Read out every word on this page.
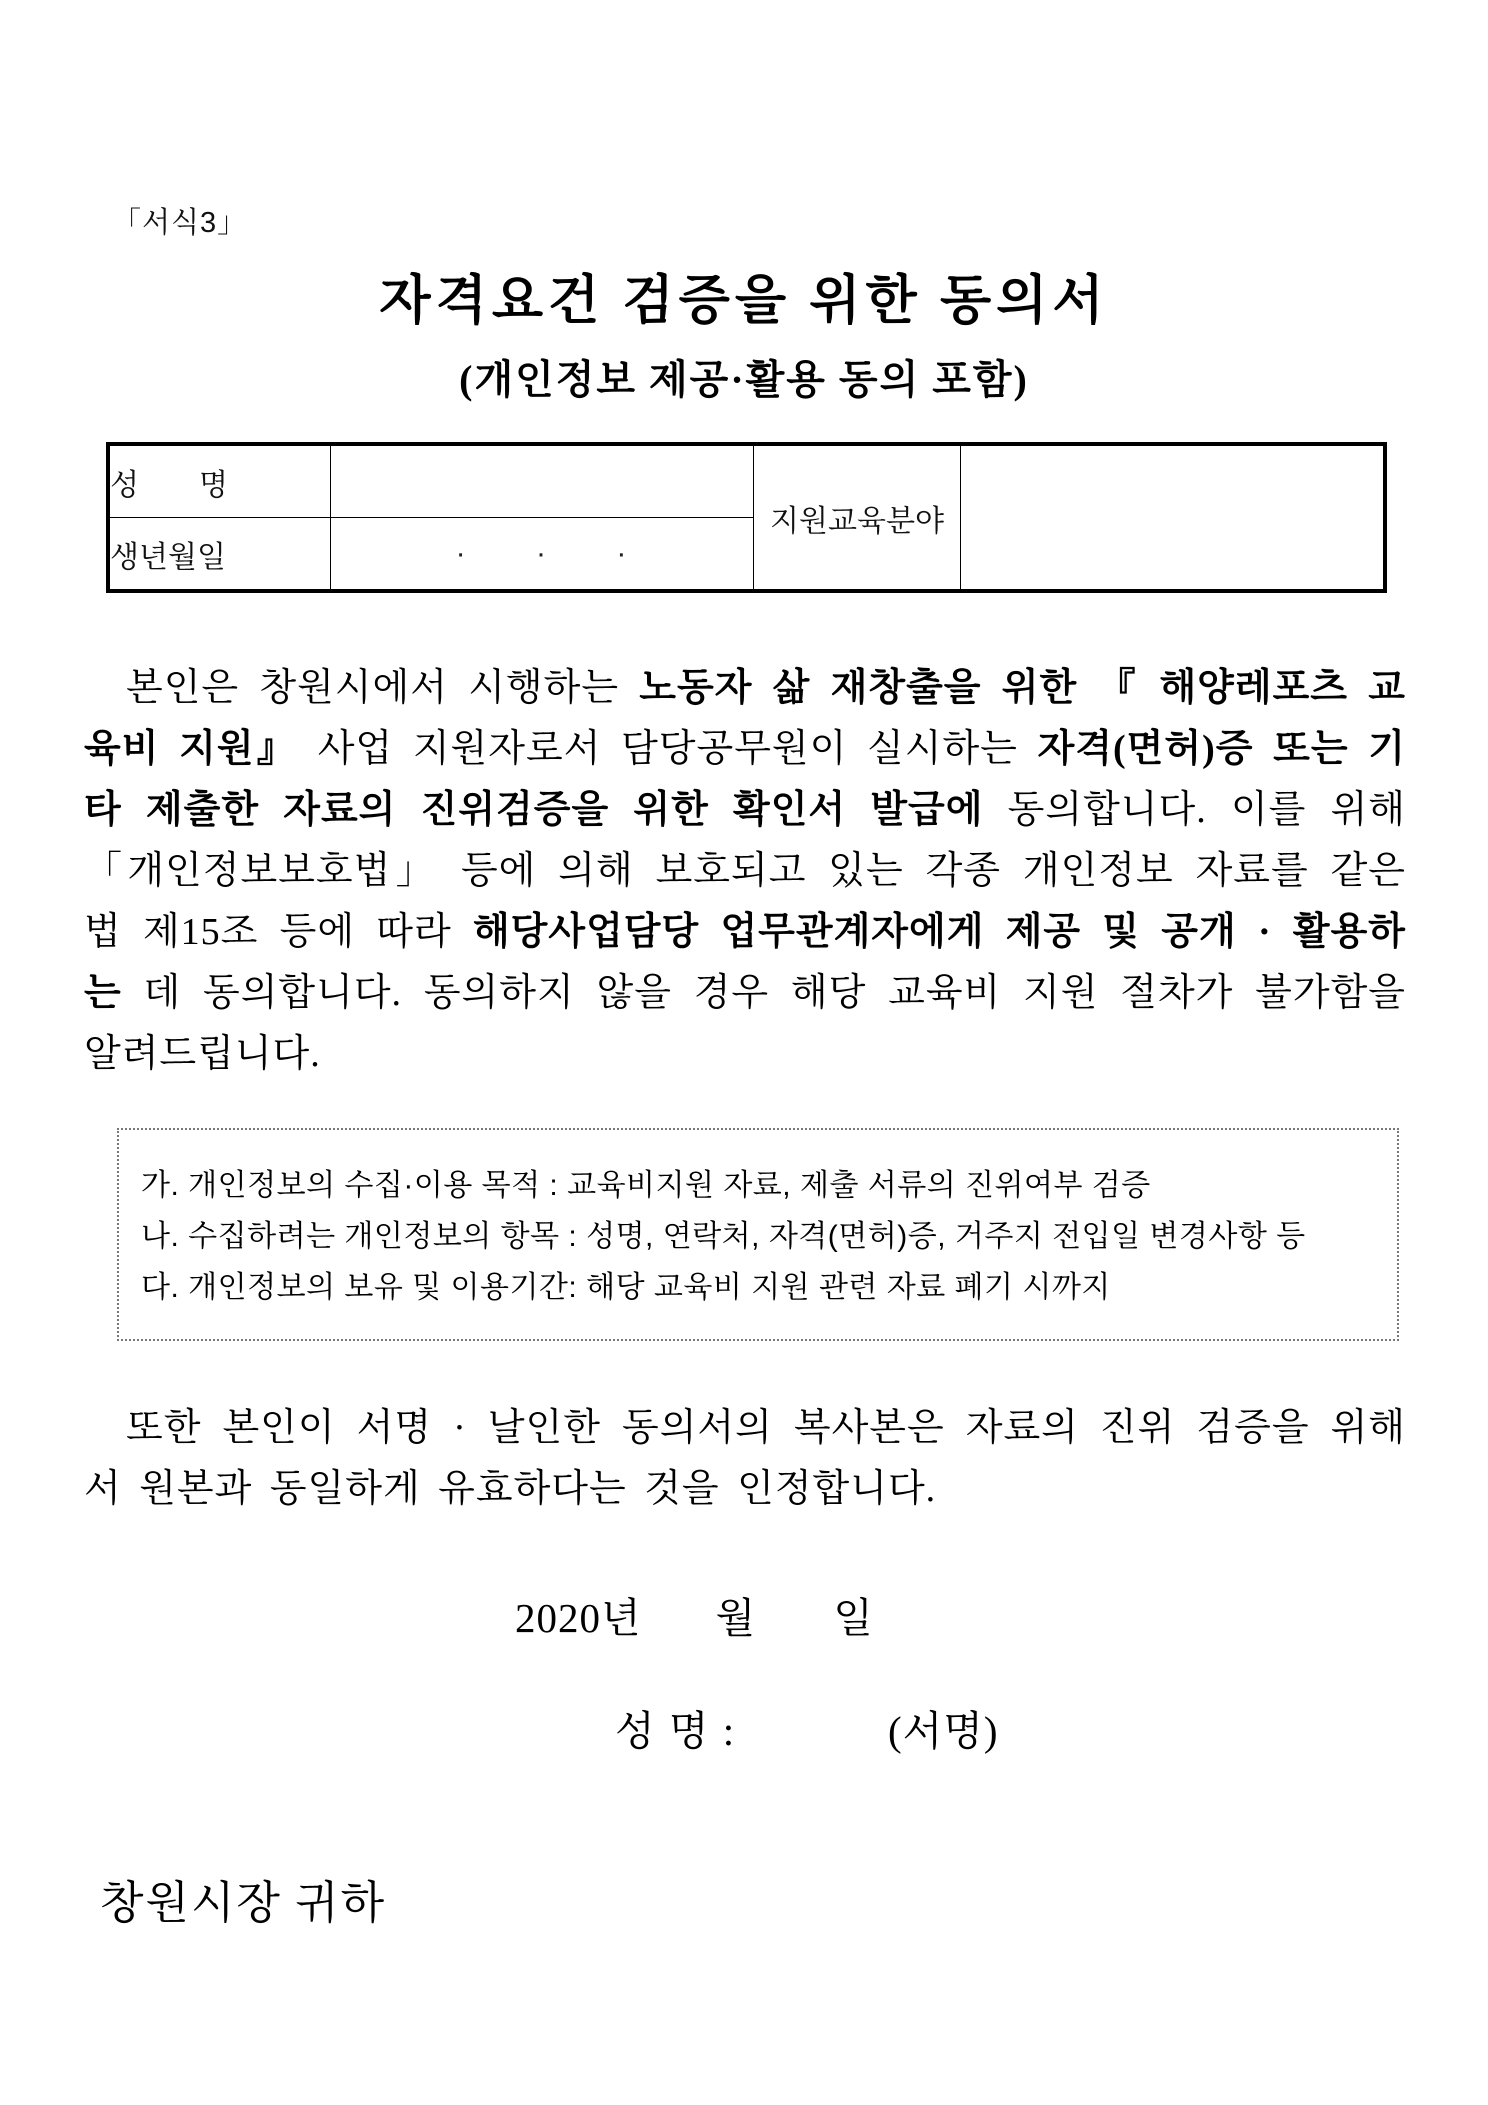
「서식3」
자격요건 검증을 위한 동의서
(개인정보 제공·활용 동의 포함)
성　　명		지원교육분야	
생년월일	· · ·		

본인은 창원시에서 시행하는 노동자 삶 재창출을 위한 『 해양레포츠 교육비 지원』 사업 지원자로서 담당공무원이 실시하는 자격(면허)증 또는 기타 제출한 자료의 진위검증을 위한 확인서 발급에 동의합니다. 이를 위해 「개인정보보호법」 등에 의해 보호되고 있는 각종 개인정보 자료를 같은 법 제15조 등에 따라 해당사업담당 업무관계자에게 제공 및 공개 · 활용하는 데 동의합니다. 동의하지 않을 경우 해당 교육비 지원 절차가 불가함을 알려드립니다.

가. 개인정보의 수집·이용 목적 : 교육비지원 자료, 제출 서류의 진위여부 검증
나. 수집하려는 개인정보의 항목 : 성명, 연락처, 자격(면허)증, 거주지 전입일 변경사항 등
다. 개인정보의 보유 및 이용기간: 해당 교육비 지원 관련 자료 폐기 시까지

또한 본인이 서명 · 날인한 동의서의 복사본은 자료의 진위 검증을 위해서 원본과 동일하게 유효하다는 것을 인정합니다.

2020년 월 일
성 명 :	(서명)
창원시장 귀하
